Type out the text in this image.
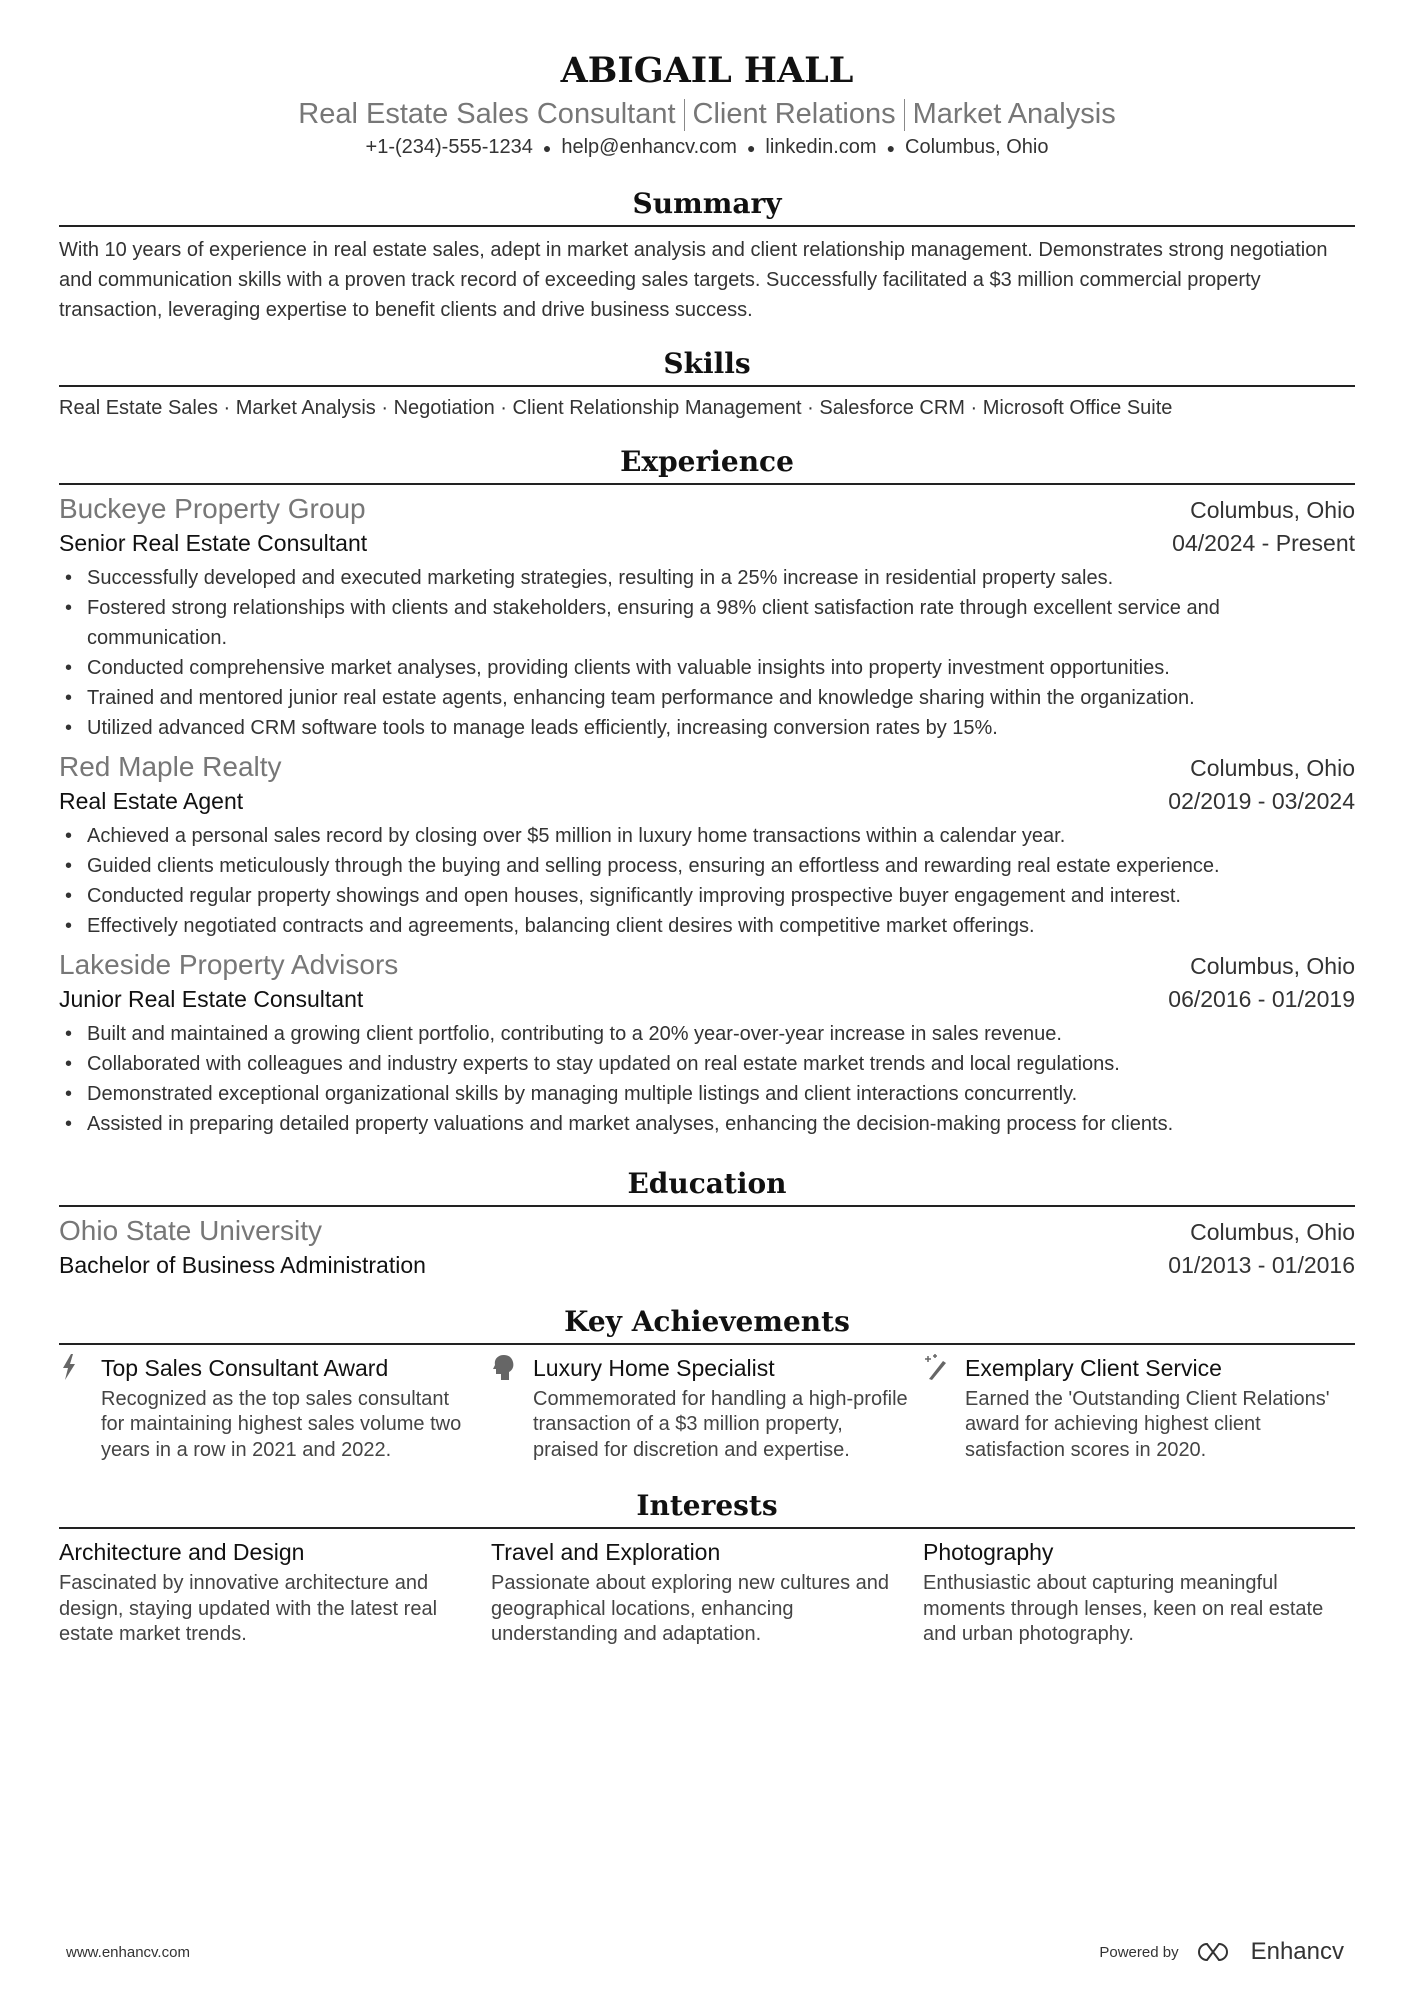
ABIGAIL HALL
Real Estate Sales Consultant Client Relations Market Analysis
+1-(234)-555-1234 ● help@enhancv.com ● linkedin.com ● Columbus, Ohio
Summary
With 10 years of experience in real estate sales, adept in market analysis and client relationship management. Demonstrates strong negotiation and communication skills with a proven track record of exceeding sales targets. Successfully facilitated a $3 million commercial property transaction, leveraging expertise to benefit clients and drive business success.
Skills
Real Estate Sales · Market Analysis · Negotiation · Client Relationship Management · Salesforce CRM · Microsoft Office Suite
Experience
Buckeye Property Group	Columbus, Ohio
Senior Real Estate Consultant	04/2024 - Present
• Successfully developed and executed marketing strategies, resulting in a 25% increase in residential property sales.
• Fostered strong relationships with clients and stakeholders, ensuring a 98% client satisfaction rate through excellent service and communication.
• Conducted comprehensive market analyses, providing clients with valuable insights into property investment opportunities.
• Trained and mentored junior real estate agents, enhancing team performance and knowledge sharing within the organization.
• Utilized advanced CRM software tools to manage leads efficiently, increasing conversion rates by 15%.
Red Maple Realty	Columbus, Ohio
Real Estate Agent	02/2019 - 03/2024
• Achieved a personal sales record by closing over $5 million in luxury home transactions within a calendar year.
• Guided clients meticulously through the buying and selling process, ensuring an effortless and rewarding real estate experience.
• Conducted regular property showings and open houses, significantly improving prospective buyer engagement and interest.
• Effectively negotiated contracts and agreements, balancing client desires with competitive market offerings.
Lakeside Property Advisors	Columbus, Ohio
Junior Real Estate Consultant	06/2016 - 01/2019
• Built and maintained a growing client portfolio, contributing to a 20% year-over-year increase in sales revenue.
• Collaborated with colleagues and industry experts to stay updated on real estate market trends and local regulations.
• Demonstrated exceptional organizational skills by managing multiple listings and client interactions concurrently.
• Assisted in preparing detailed property valuations and market analyses, enhancing the decision-making process for clients.
Education
Ohio State University	Columbus, Ohio
Bachelor of Business Administration	01/2013 - 01/2016
Key Achievements
Top Sales Consultant Award
Recognized as the top sales consultant for maintaining highest sales volume two years in a row in 2021 and 2022.
Luxury Home Specialist
Commemorated for handling a high-profile transaction of a $3 million property, praised for discretion and expertise.
Exemplary Client Service
Earned the 'Outstanding Client Relations' award for achieving highest client satisfaction scores in 2020.
Interests
Architecture and Design
Fascinated by innovative architecture and design, staying updated with the latest real estate market trends.
Travel and Exploration
Passionate about exploring new cultures and geographical locations, enhancing understanding and adaptation.
Photography
Enthusiastic about capturing meaningful moments through lenses, keen on real estate and urban photography.
www.enhancv.com	Powered by	Enhancv
